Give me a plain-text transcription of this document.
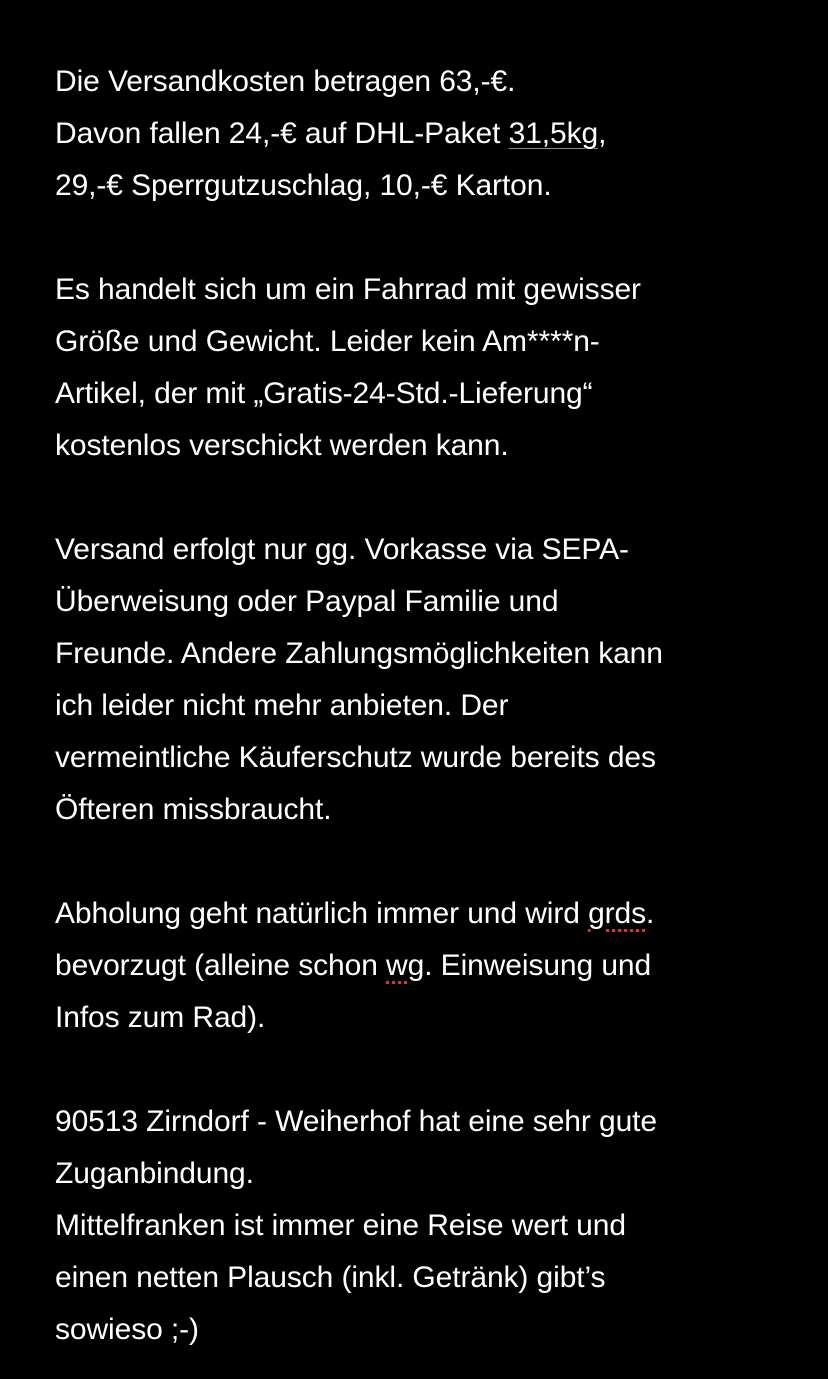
Die Versandkosten betragen 63,-€.
Davon fallen 24,-€ auf DHL-Paket 31,5kg,
29,-€ Sperrgutzuschlag, 10,-€ Karton.
Es handelt sich um ein Fahrrad mit gewisser
Größe und Gewicht. Leider kein Am****n-
Artikel, der mit „Gratis-24-Std.-Lieferung“
kostenlos verschickt werden kann.
Versand erfolgt nur gg. Vorkasse via SEPA-
Überweisung oder Paypal Familie und
Freunde. Andere Zahlungsmöglichkeiten kann
ich leider nicht mehr anbieten. Der
vermeintliche Käuferschutz wurde bereits des
Öfteren missbraucht.
Abholung geht natürlich immer und wird grds.
bevorzugt (alleine schon wg. Einweisung und
Infos zum Rad).
90513 Zirndorf - Weiherhof hat eine sehr gute
Zuganbindung.
Mittelfranken ist immer eine Reise wert und
einen netten Plausch (inkl. Getränk) gibt’s
sowieso ;-)
